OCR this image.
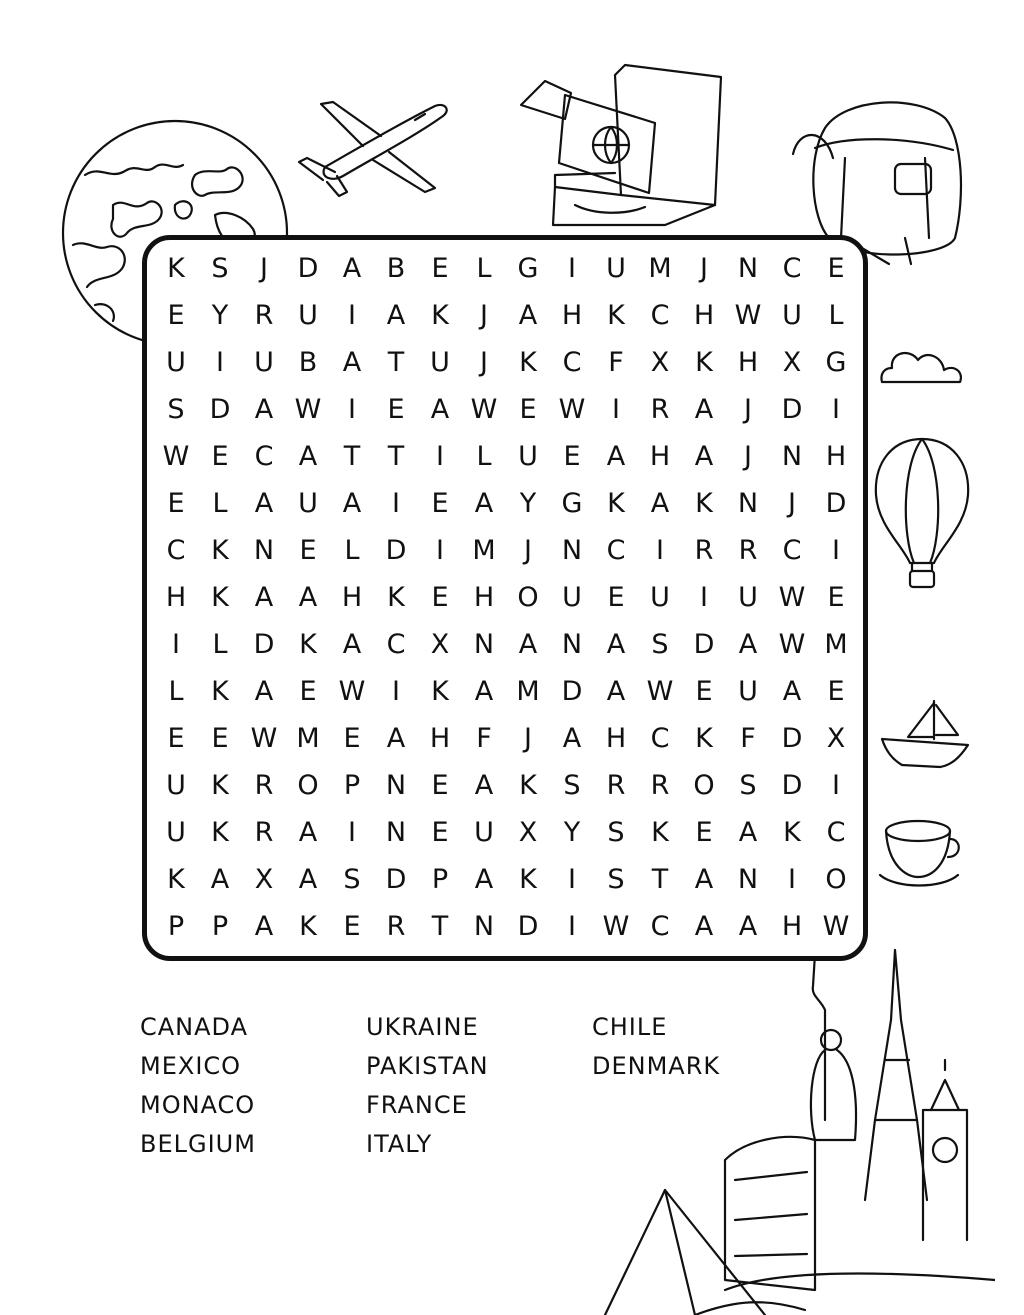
K S	J	D A B E	L G	I	U M	J	N C E
E	Y R U	I	A K	J	A H K C H W U L
U	I	U B A T U	J	K C F X K H X G
S D A W I	E A W E W I	R A	J	D	I
W E C A T	T	I	L U E A H A	J	N H
E	L	A U A	I	E A Y G K A K N	J	D
C K N E	L D	I	M	J	N C	I	R R C	I
H K A A H K E H O U E U	I	U W E
I	L D K A C X N A N A S D A W M
L	K A E W I	K A M D A W E U A E
E E W M E A H F	J	A H C K	F D X
U K R O P N E A K S R R O S D	I
U K R A	I	N E U X Y	S K E A K C
K A X A S D P A K	I	S	T A N	I	O
P	P A K E R T N D	I W C A A H W
CANADA
MEXICO
MONACO
BELGIUM
UKRAINE
PAKISTAN
FRANCE
ITALY
CHILE
DENMARK
